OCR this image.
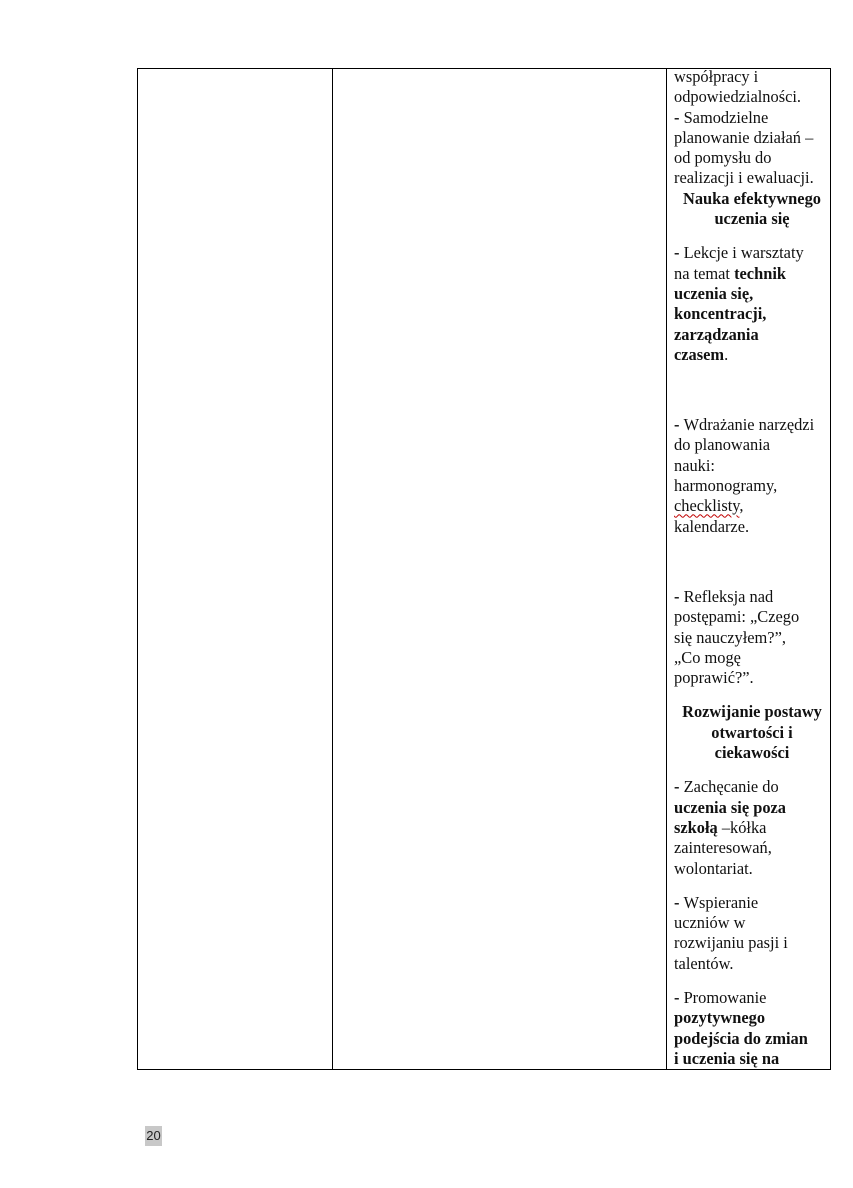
współpracy i
odpowiedzialności.

- Samodzielne
planowanie działań –
od pomysłu do
realizacji i ewaluacji.

Nauka efektywnego
uczenia się

- Lekcje i warsztaty
na temat technik
uczenia się,
koncentracji,
zarządzania
czasem.

- Wdrażanie narzędzi
do planowania
nauki:
harmonogramy,
checklisty,
kalendarze.

- Refleksja nad
postępami: „Czego
się nauczyłem?”,
„Co mogę
poprawić?”.

Rozwijanie postawy
otwartości i
ciekawości

- Zachęcanie do
uczenia się poza
szkołą –kółka
zainteresowań,
wolontariat.

- Wspieranie
uczniów w
rozwijaniu pasji i
talentów.

- Promowanie
pozytywnego
podejścia do zmian
i uczenia się na

20
